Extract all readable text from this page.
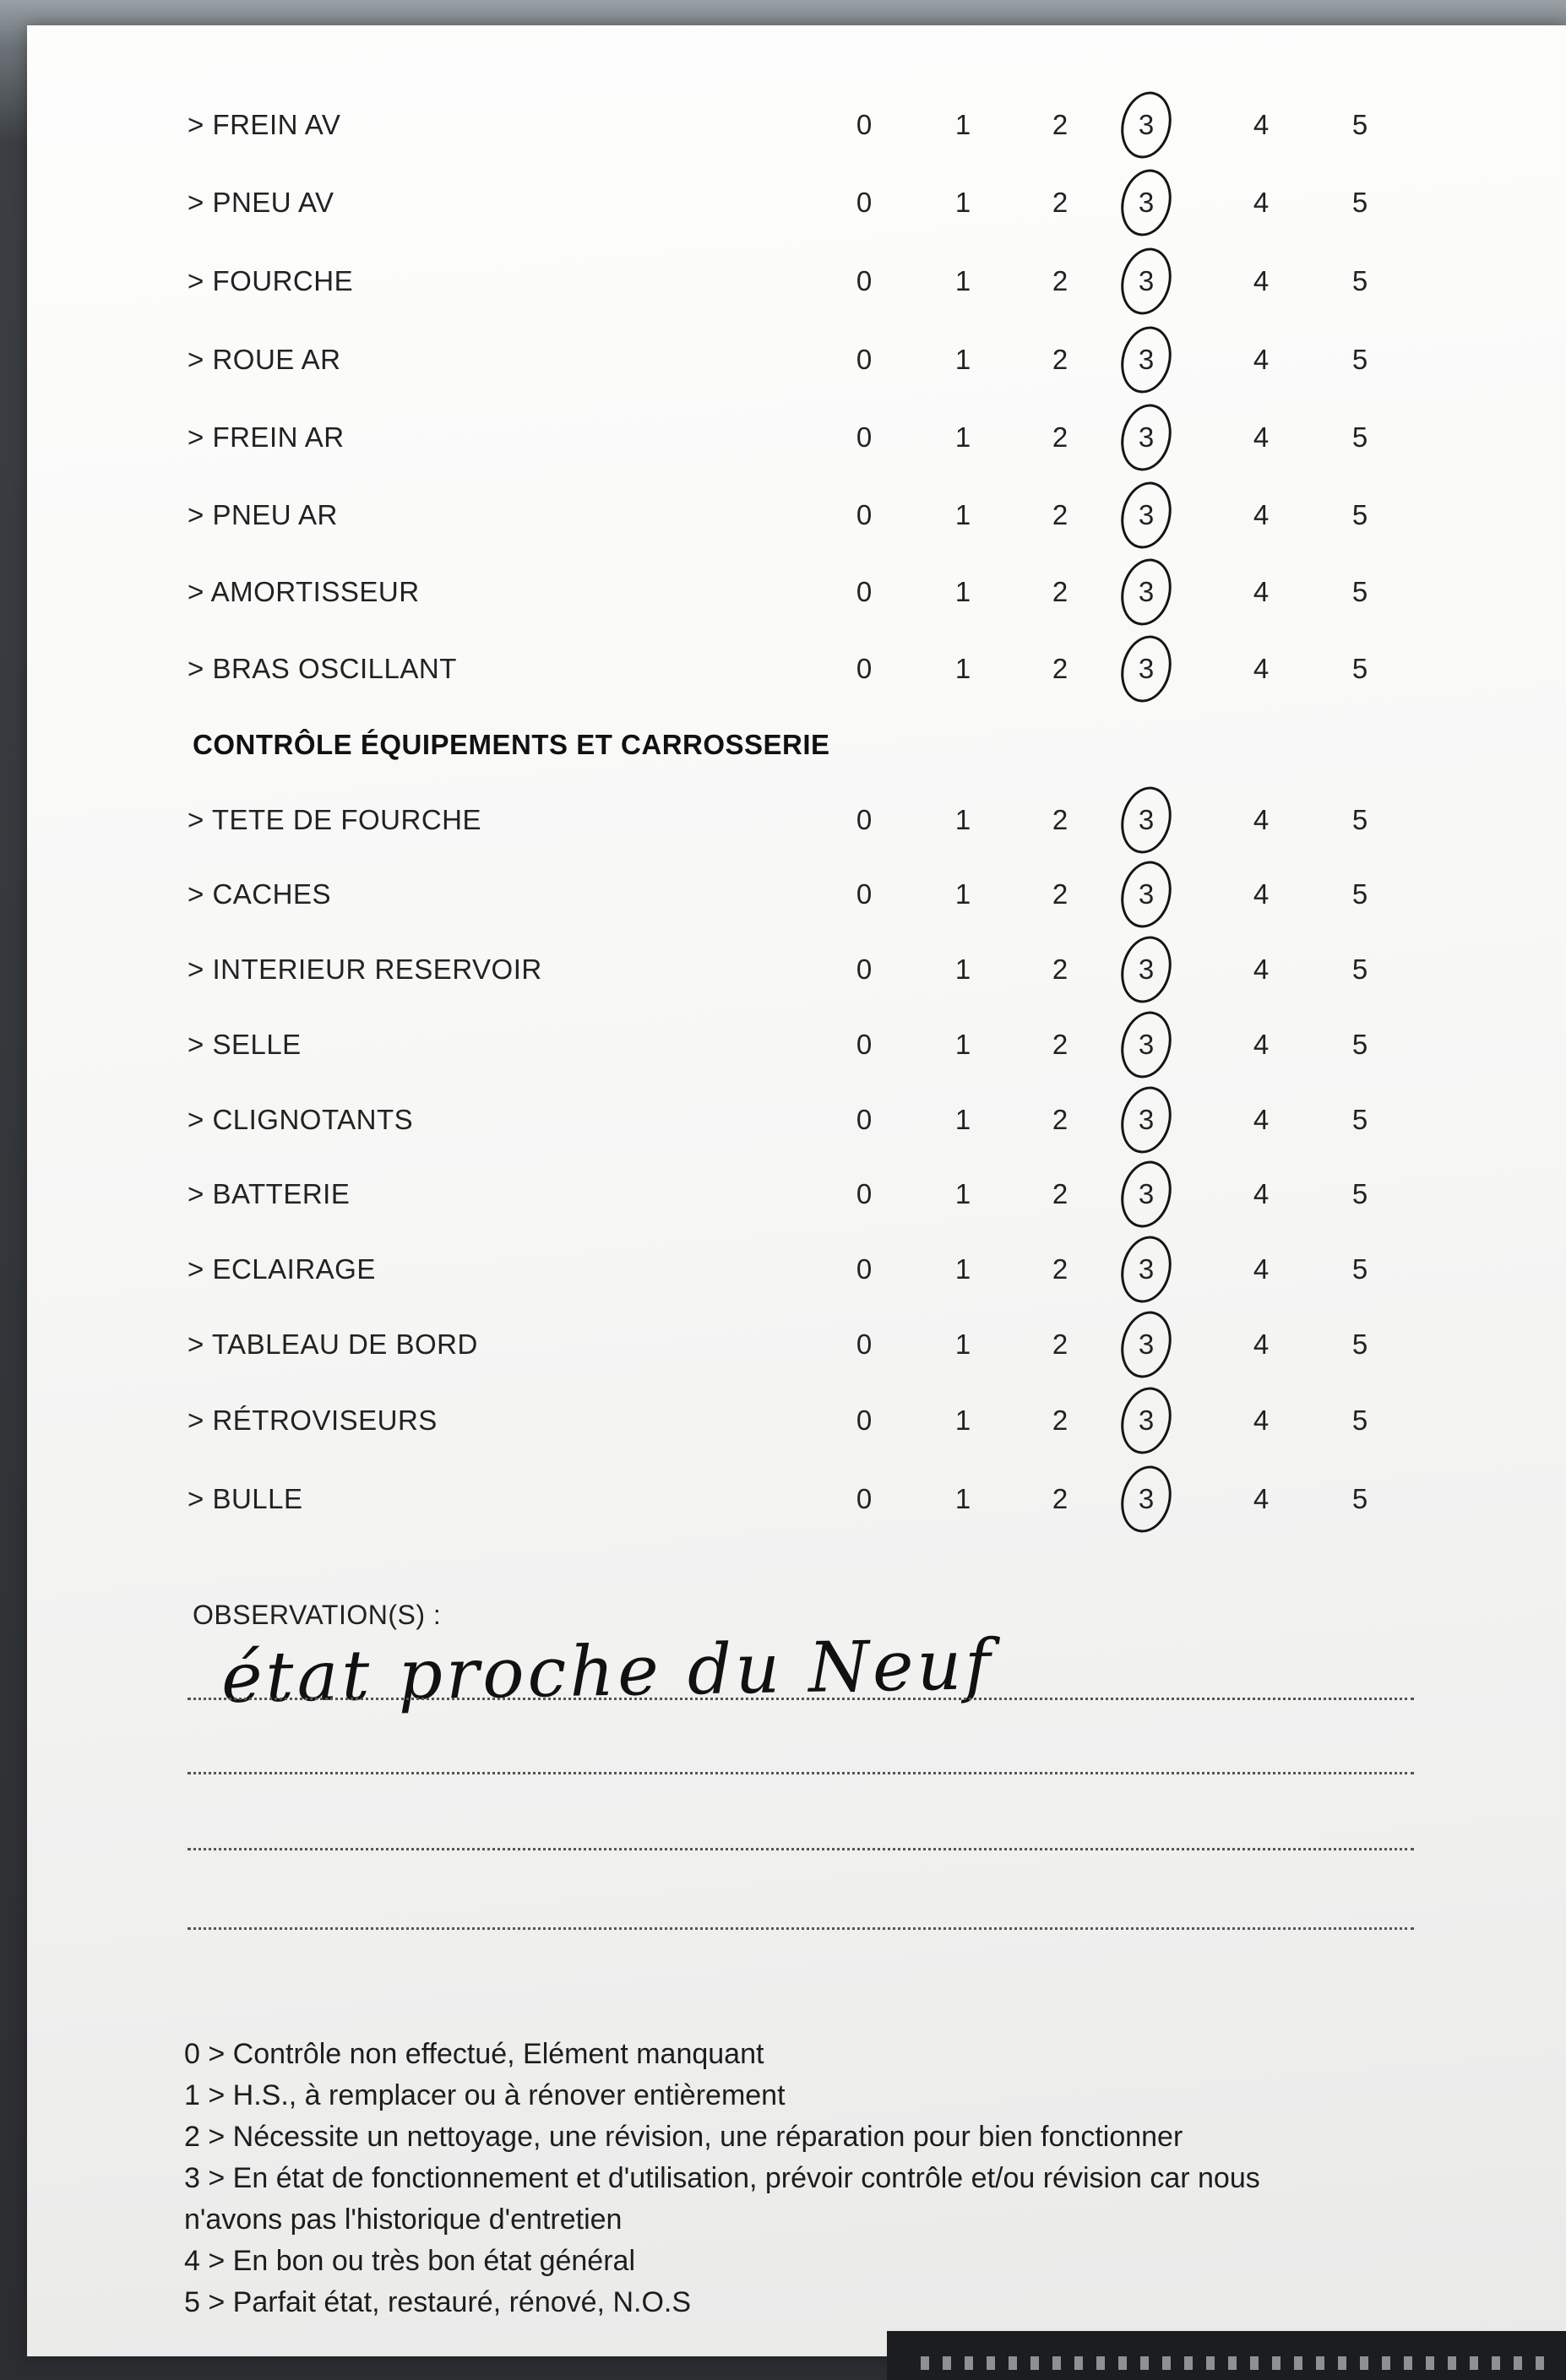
> FREIN AV	0	1	2	3	4	5
> PNEU AV	0	1	2	3	4	5
> FOURCHE	0	1	2	3	4	5
> ROUE AR	0	1	2	3	4	5
> FREIN AR	0	1	2	3	4	5
> PNEU AR	0	1	2	3	4	5
> AMORTISSEUR	0	1	2	3	4	5
> BRAS OSCILLANT	0	1	2	3	4	5
CONTRÔLE ÉQUIPEMENTS ET CARROSSERIE
> TETE DE FOURCHE	0	1	2	3	4	5
> CACHES	0	1	2	3	4	5
> INTERIEUR RESERVOIR	0	1	2	3	4	5
> SELLE	0	1	2	3	4	5
> CLIGNOTANTS	0	1	2	3	4	5
> BATTERIE	0	1	2	3	4	5
> ECLAIRAGE	0	1	2	3	4	5
> TABLEAU DE BORD	0	1	2	3	4	5
> RÉTROVISEURS	0	1	2	3	4	5
> BULLE	0	1	2	3	4	5
OBSERVATION(S) :
état proche du Neuf
0 > Contrôle non effectué, Elément manquant
1 > H.S., à remplacer ou à rénover entièrement
2 > Nécessite un nettoyage, une révision, une réparation pour bien fonctionner
3 > En état de fonctionnement et d'utilisation, prévoir contrôle et/ou révision car nous
n'avons pas l'historique d'entretien
4 > En bon ou très bon état général
5 > Parfait état, restauré, rénové, N.O.S
